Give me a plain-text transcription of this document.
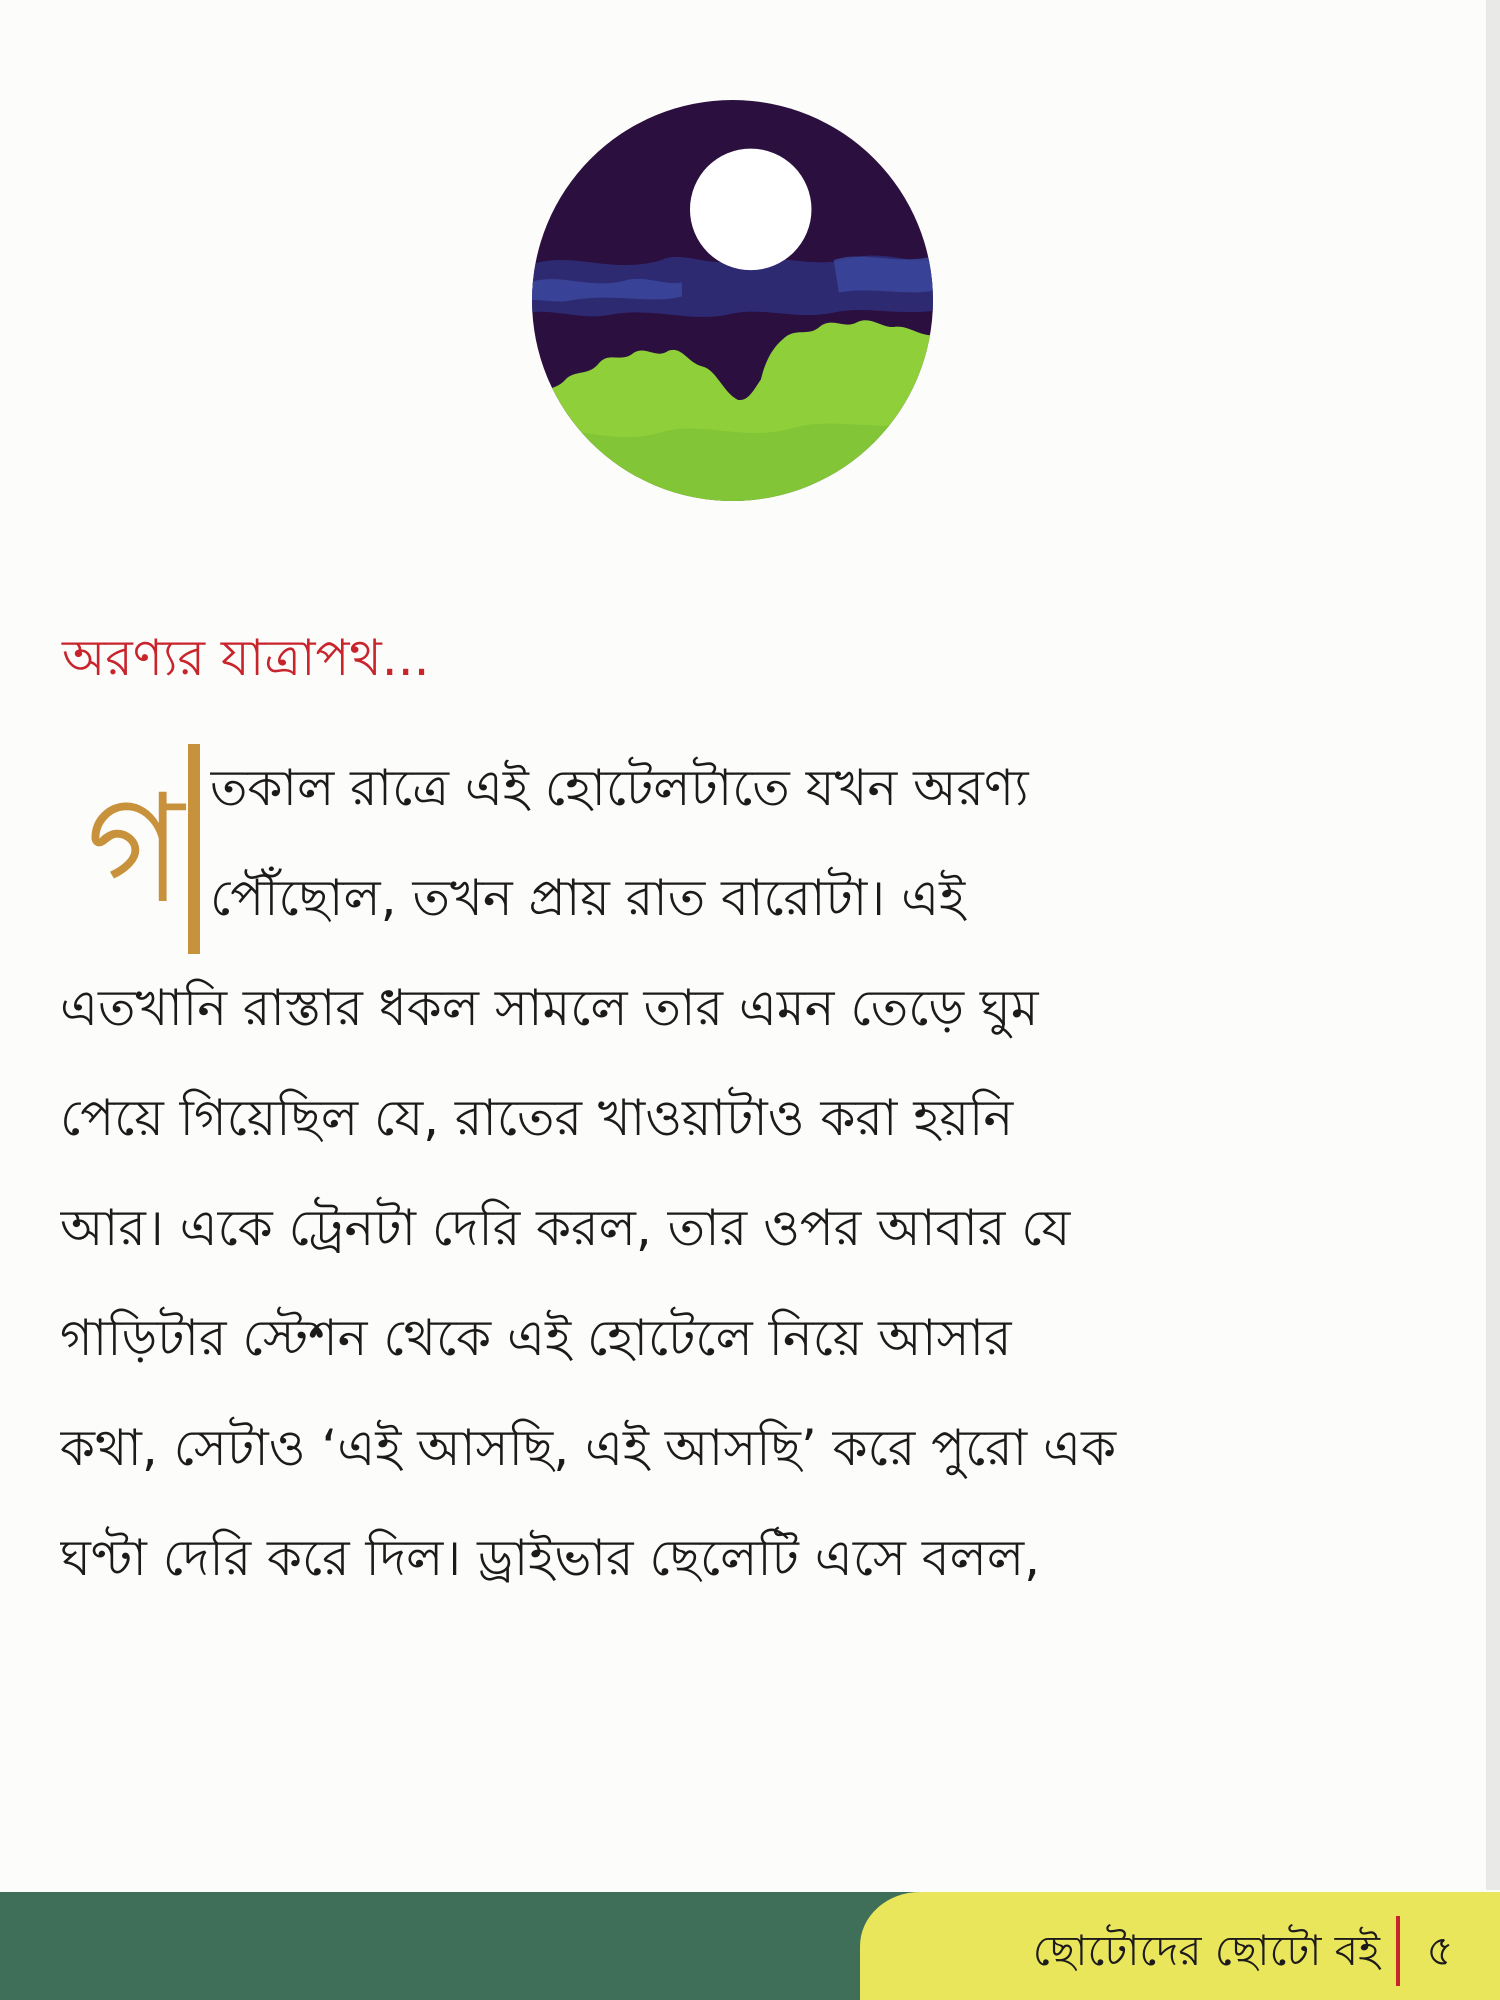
অরণ্যর যাত্রাপথ...
গ তকাল রাত্রে এই হোটেলটাতে যখন অরণ্য
পৌঁছোল, তখন প্রায় রাত বারোটা। এই
এতখানি রাস্তার ধকল সামলে তার এমন তেড়ে ঘুম
পেয়ে গিয়েছিল যে, রাতের খাওয়াটাও করা হয়নি
আর। একে ট্রেনটা দেরি করল, তার ওপর আবার যে
গাড়িটার স্টেশন থেকে এই হোটেলে নিয়ে আসার
কথা, সেটাও ‘এই আসছি, এই আসছি’ করে পুরো এক
ঘণ্টা দেরি করে দিল। ড্রাইভার ছেলেটি এসে বলল,
ছোটোদের ছোটো বই	৫
